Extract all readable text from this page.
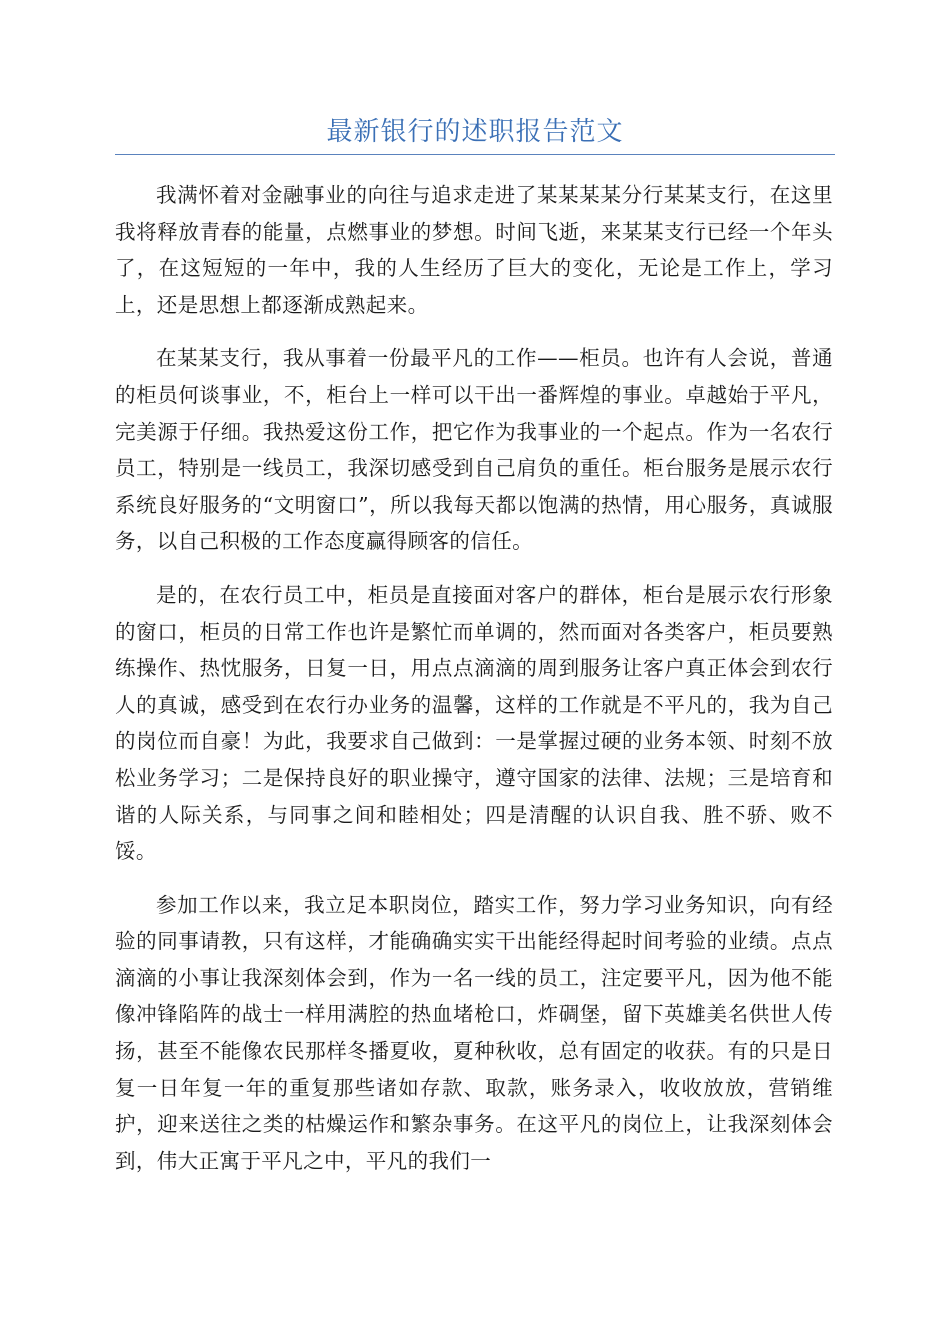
最新银行的述职报告范文

我满怀着对金融事业的向往与追求走进了某某某某分行某某支行，在这里我将释放青春的能量，点燃事业的梦想。时间飞逝，来某某支行已经一个年头了，在这短短的一年中，我的人生经历了巨大的变化，无论是工作上，学习上，还是思想上都逐渐成熟起来。

在某某支行，我从事着一份最平凡的工作——柜员。也许有人会说，普通的柜员何谈事业，不，柜台上一样可以干出一番辉煌的事业。卓越始于平凡，完美源于仔细。我热爱这份工作，把它作为我事业的一个起点。作为一名农行员工，特别是一线员工，我深切感受到自己肩负的重任。柜台服务是展示农行系统良好服务的“文明窗口”，所以我每天都以饱满的热情，用心服务，真诚服务，以自己积极的工作态度赢得顾客的信任。

是的，在农行员工中，柜员是直接面对客户的群体，柜台是展示农行形象的窗口，柜员的日常工作也许是繁忙而单调的，然而面对各类客户，柜员要熟练操作、热忱服务，日复一日，用点点滴滴的周到服务让客户真正体会到农行人的真诚，感受到在农行办业务的温馨，这样的工作就是不平凡的，我为自己的岗位而自豪！为此，我要求自己做到：一是掌握过硬的业务本领、时刻不放松业务学习；二是保持良好的职业操守，遵守国家的法律、法规；三是培育和谐的人际关系，与同事之间和睦相处；四是清醒的认识自我、胜不骄、败不馁。

参加工作以来，我立足本职岗位，踏实工作，努力学习业务知识，向有经验的同事请教，只有这样，才能确确实实干出能经得起时间考验的业绩。点点滴滴的小事让我深刻体会到，作为一名一线的员工，注定要平凡，因为他不能像冲锋陷阵的战士一样用满腔的热血堵枪口，炸碉堡，留下英雄美名供世人传扬，甚至不能像农民那样冬播夏收，夏种秋收，总有固定的收获。有的只是日复一日年复一年的重复那些诸如存款、取款，账务录入，收收放放，营销维护，迎来送往之类的枯燥运作和繁杂事务。在这平凡的岗位上，让我深刻体会到，伟大正寓于平凡之中，平凡的我们一
